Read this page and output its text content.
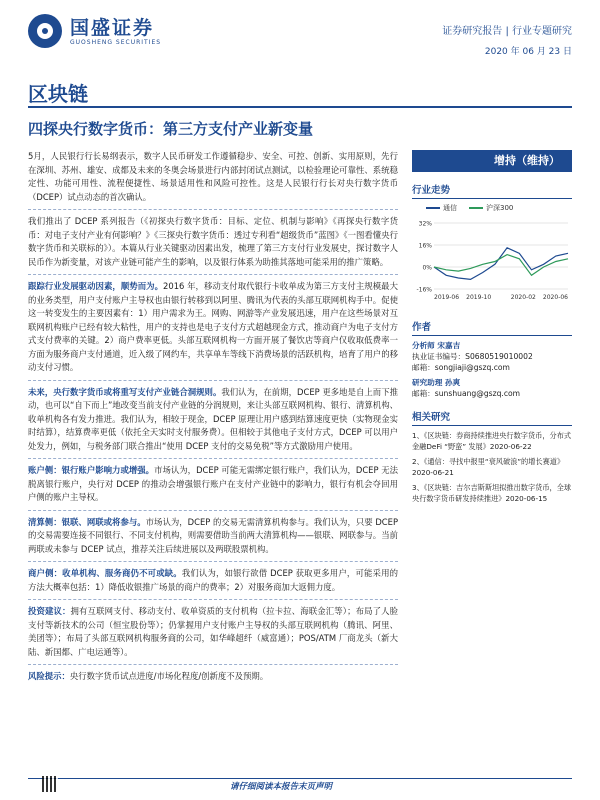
国盛证券
GUOSHENG SECURITIES
证券研究报告 | 行业专题研究
2020 年 06 月 23 日
区块链
四探央行数字货币：第三方支付产业新变量
5月，人民银行行长易纲表示，数字人民币研发工作遵循稳步、安全、可控、创新、实用原则，先行在深圳、苏州、雄安、成都及未来的冬奥会场景进行内部封闭试点测试，以检验理论可靠性、系统稳定性、功能可用性、流程便捷性、场景适用性和风险可控性。这是人民银行行长对央行数字货币（DCEP）试点动态的首次确认。
我们推出了 DCEP 系列报告（《初探央行数字货币：目标、定位、机制与影响》《再探央行数字货币：对电子支付产业有何影响？》《三探央行数字货币：透过专利看“超级货币”蓝图》《一图看懂央行数字货币和关联标的》）。本篇从行业关键驱动因素出发，梳理了第三方支付行业发展史，探讨数字人民币作为新变量，对该产业链可能产生的影响，以及银行体系为助推其落地可能采用的推广策略。
跟踪行业发展驱动因素，顺势而为。2016 年，移动支付取代银行卡收单成为第三方支付主规模最大的业务类型，用户支付账户主导权也由银行转移到以阿里、腾讯为代表的头部互联网机构手中。促使这一转变发生的主要因素有：1）用户需求为王。网购、网游等产业发展迅速，用户在这些场景对互联网机构账户已经有较大粘性，用户的支持也是电子支付方式超越现金方式，推动商户为电子支付方式支付费率的关键。2）商户费率更低。头部互联网机构一方面开展了餐饮店等商户仅收取低费率一方面为服务商户支付通道，近入级了网约车，共享单车等线下消费场景的活跃机构，培育了用户的移动支付习惯。
未来，央行数字货币或将重写支付产业链合洞规则。我们认为，在前期，DCEP 更多地是自上而下推动，也可以“自下而上”地改变当前支付产业链的分润规则，来让头部互联网机构、银行、清算机构、收单机构各有发力推进。我们认为，相较于现金，DCEP 原理让用户感到结算速度更快（实物现金实时结算），结算费率更低（依托全天实时支付服务费）。但相较于其他电子支付方式，DCEP 可以用户处发力，例如，与税务部门联合推出“使用 DCEP 支付的交易免税”等方式激励用户使用。
账户侧：银行账户影响力或增强。市场认为，DCEP 可能无需绑定银行账户，我们认为，DCEP 无法脱离银行账户，央行对 DCEP 的推动会增强银行账户在支付产业链中的影响力，银行有机会夺回用户侧的账户主导权。
清算侧：银联、网联或将参与。市场认为，DCEP 的交易无需清算机构参与。我们认为，只要 DCEP 的交易需要连接不同银行、不同支付机构，则需要借助当前两大清算机构——银联、网联参与。当前两联或未参与 DCEP 试点，推荐关注后续进展以及两联股票机构。
商户侧：收单机构、服务商仍不可或缺。我们认为，如银行欲借 DCEP 获取更多用户，可能采用的方法大概率包括：1）降低收银推广场景的商户的费率；2）对服务商加大返佣力度。
投资建议：拥有互联网支付、移动支付、收单资质的支付机构（拉卡拉、海联金汇等）；布局了人脸支付等新技术的公司（恒宝股份等）；仍掌握用户支付账户主导权的头部互联网机构（腾讯、阿里、美团等）；布局了头部互联网机构服务商的公司，如华峰超纤（威富通）；POS/ATM 厂商龙头（新大陆、新国都、广电运通等）。
风险提示：央行数字货币试点进度/市场化程度/创新度不及预期。
增持（维持）
行业走势
通信	沪深300
32%
16%
0%
-16%
2019-06 2019-10	2020-02 2020-06
作者
分析师 宋嘉吉
执业证书编号：S0680519010002
邮箱：songjiaji@gszq.com
研究助理 孙爽
邮箱：sunshuang@gszq.com
相关研究
1、《区块链：券商持续推进央行数字货币，分布式金融DeFi “野蛮” 发展》2020-06-22
2、《通信：寻找中报里“衰风破浪”的增长赛道》2020-06-21
3、《区块链：吉尔吉斯斯坦拟推出数字货币，全球央行数字货币研发持续推进》2020-06-15
请仔细阅读本报告末页声明
